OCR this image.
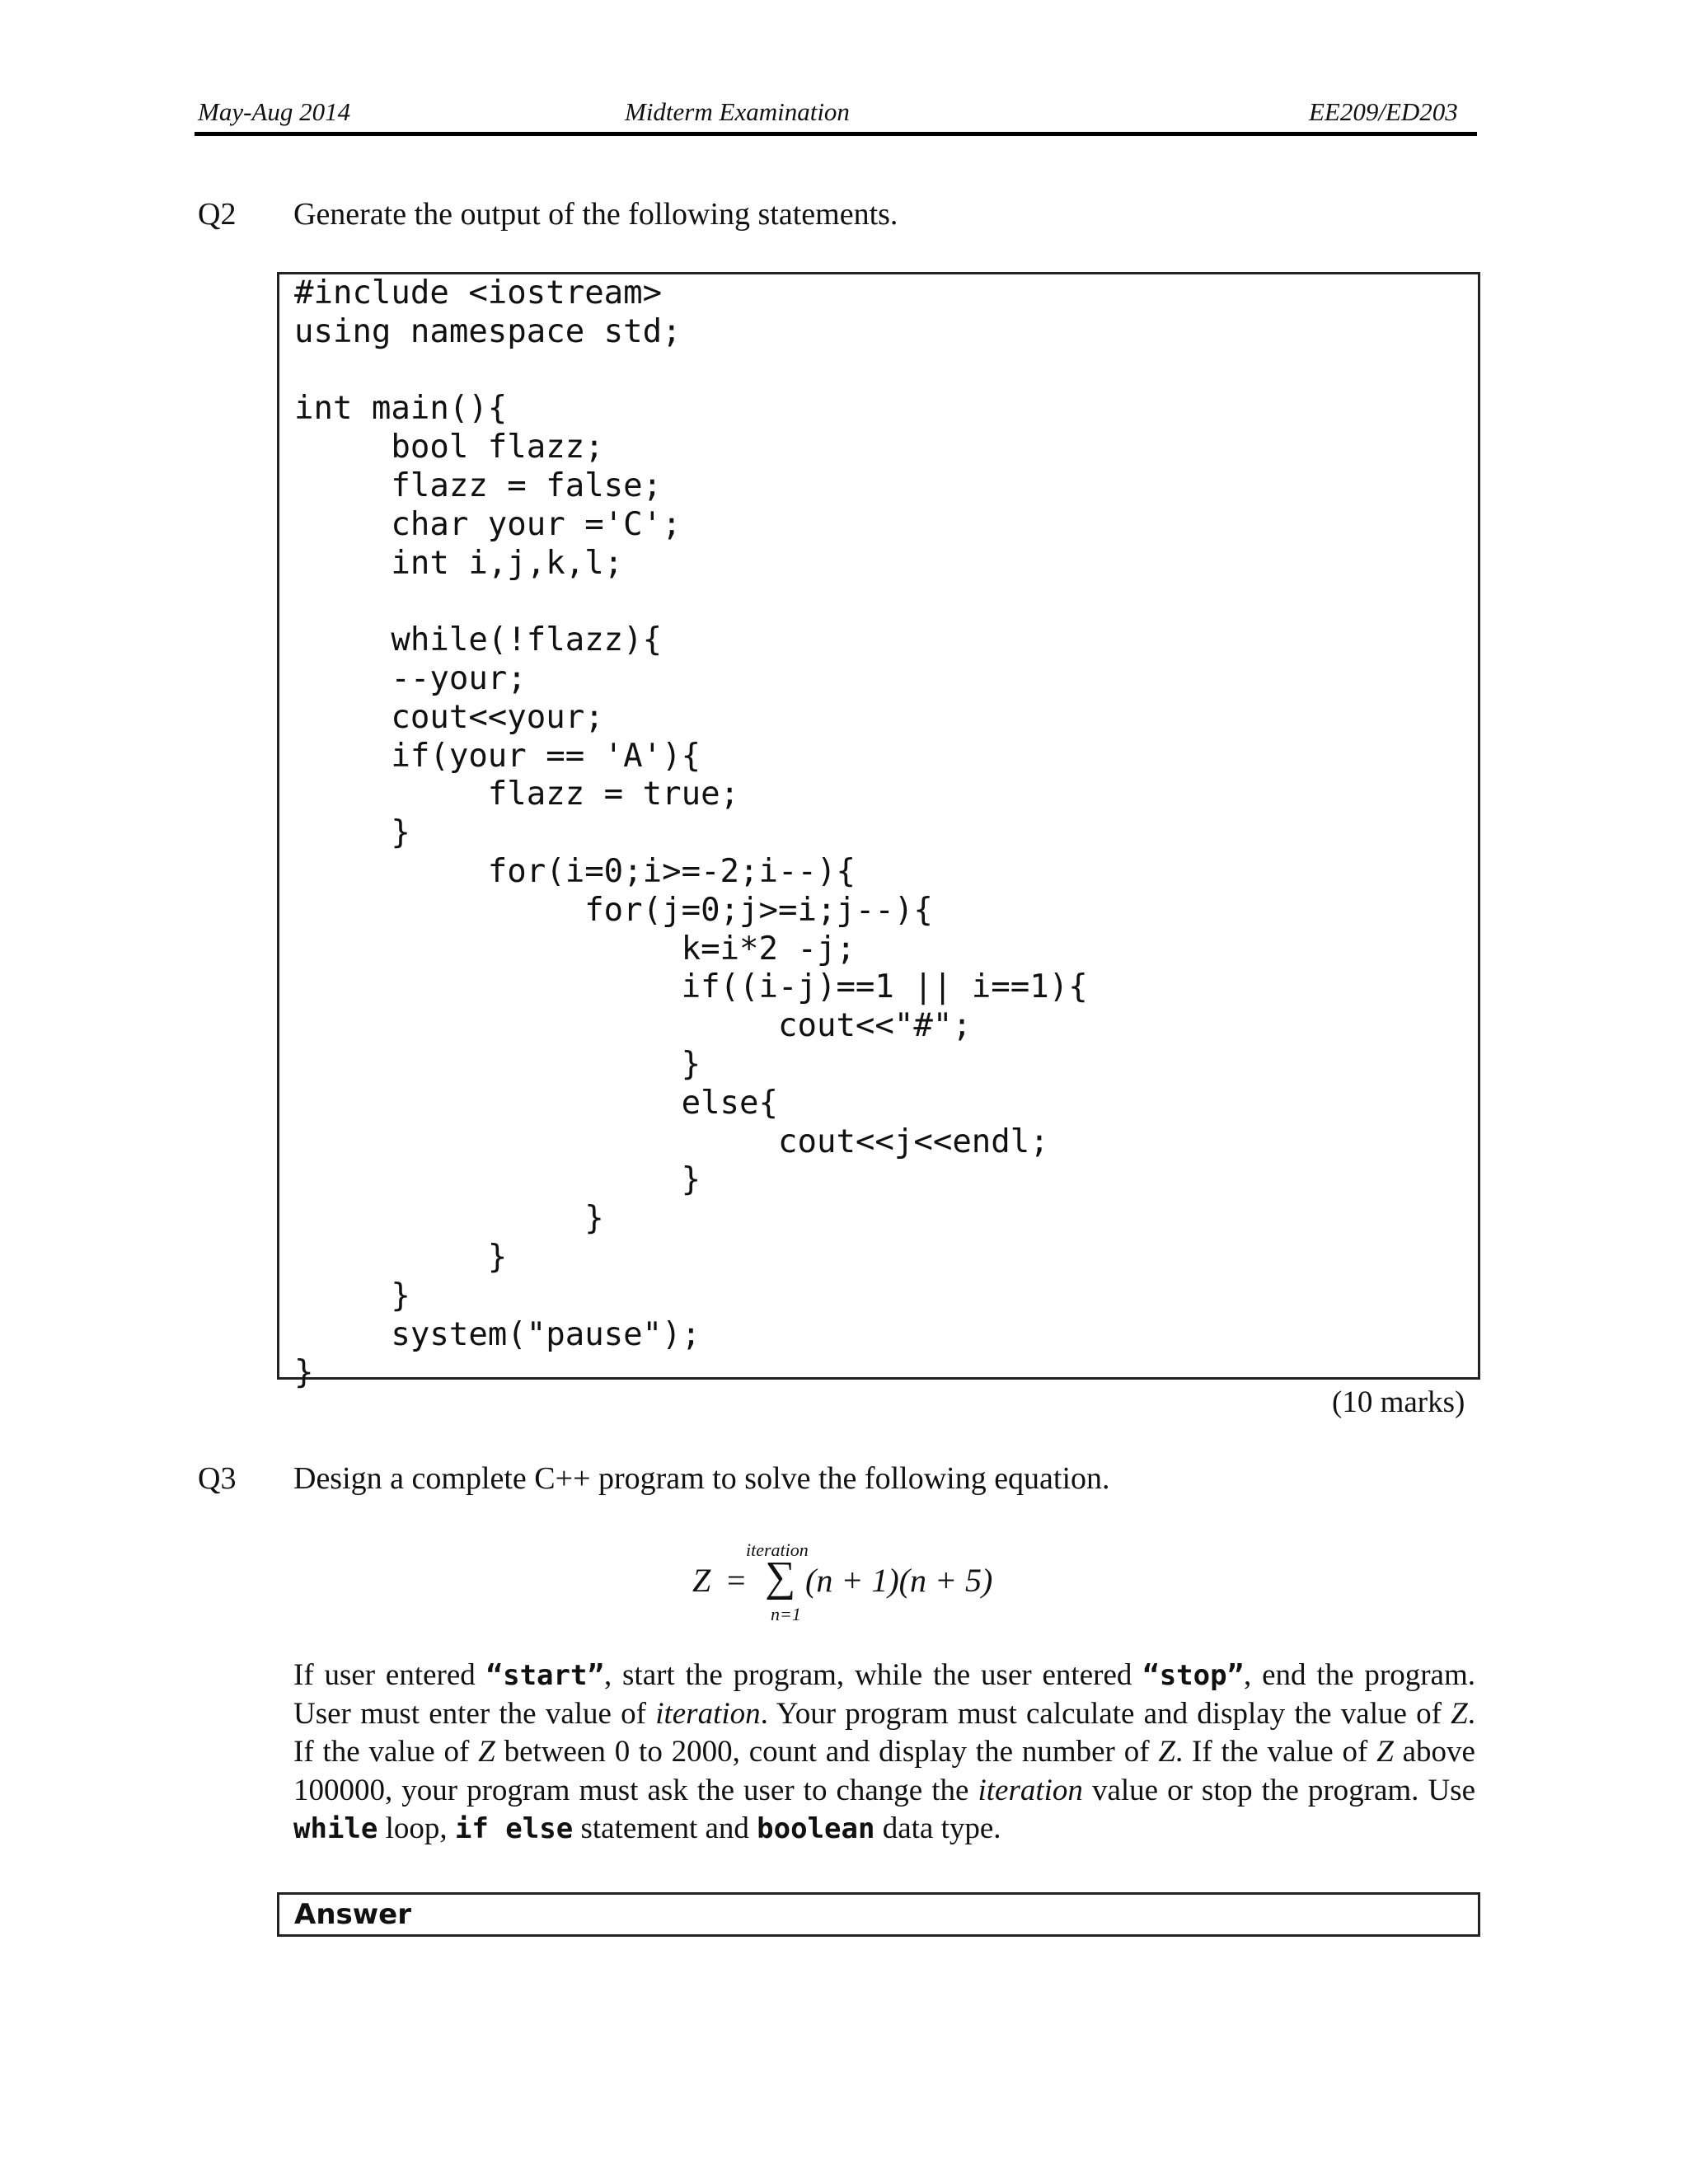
May-Aug 2014	Midterm Examination	EE209/ED203
Q2 Generate the output of the following statements.
#include <iostream>
using namespace std;

int main(){
bool flazz;
flazz = false;
char your ='C';
int i,j,k,l;

while(!flazz){
--your;
cout<<your;
if(your == 'A'){
flazz = true;
}
for(i=0;i>=-2;i--){
for(j=0;j>=i;j--){
k=i*2 -j;
if((i-j)==1 || i==1){
cout<<"#";
}
else{
cout<<j<<endl;
}
}
}
}
system("pause");
}
(10 marks)
Q3 Design a complete C++ program to solve the following equation.
Z =
iteration
∑
n=1
(n + 1)(n + 5)
If user entered “start”, start the program, while the user entered “stop”, end the program. User must enter the value of iteration. Your program must calculate and display the value of Z. If the value of Z between 0 to 2000, count and display the number of Z. If the value of Z above 100000, your program must ask the user to change the iteration value or stop the program. Use while loop, if else statement and boolean data type.
Answer
